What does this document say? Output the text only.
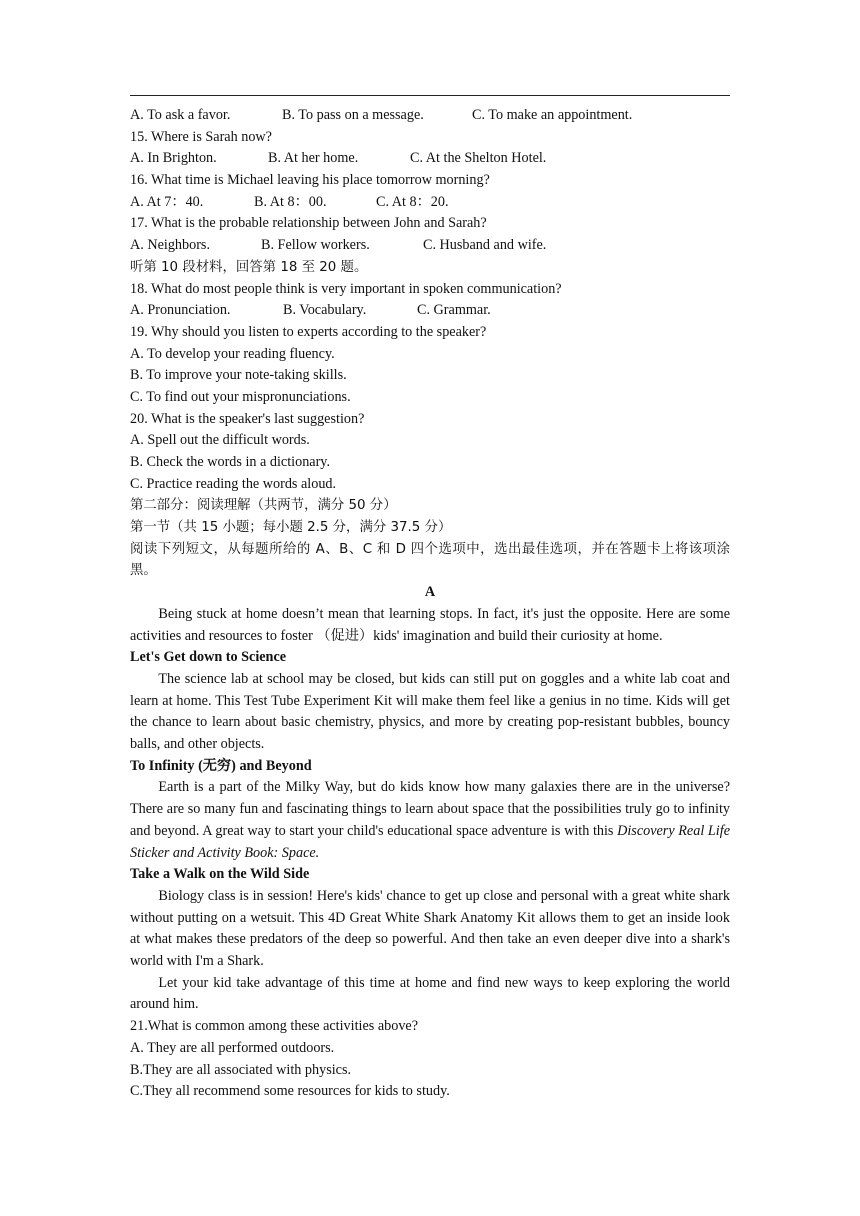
A. To ask a favor.	B. To pass on a message.	C. To make an appointment.
15. Where is Sarah now?
A. In Brighton.	B. At her home.	C. At the Shelton Hotel.
16. What time is Michael leaving his place tomorrow morning?
A. At 7：40.	B. At 8：00.	C. At 8：20.
17. What is the probable relationship between John and Sarah?
A. Neighbors.	B. Fellow workers.	C. Husband and wife.
听第 10 段材料，回答第 18 至 20 题。
18. What do most people think is very important in spoken communication?
A. Pronunciation.	B. Vocabulary.	C. Grammar.
19. Why should you listen to experts according to the speaker?
A. To develop your reading fluency.
B. To improve your note-taking skills.
C. To find out your mispronunciations.
20. What is the speaker's last suggestion?
A. Spell out the difficult words.
B. Check the words in a dictionary.
C. Practice reading the words aloud.
第二部分：阅读理解（共两节，满分 50 分）
第一节（共 15 小题；每小题 2.5 分，满分 37.5 分）
阅读下列短文，从每题所给的 A、B、C 和 D 四个选项中，选出最佳选项，并在答题卡上将该项涂黑。
A
Being stuck at home doesn’t mean that learning stops. In fact, it's just the opposite. Here are some activities and resources to foster （促进）kids' imagination and build their curiosity at home.
Let's Get down to Science
The science lab at school may be closed, but kids can still put on goggles and a white lab coat and learn at home. This Test Tube Experiment Kit will make them feel like a genius in no time. Kids will get the chance to learn about basic chemistry, physics, and more by creating pop-resistant bubbles, bouncy balls, and other objects.
To Infinity (无穷) and Beyond
Earth is a part of the Milky Way, but do kids know how many galaxies there are in the universe? There are so many fun and fascinating things to learn about space that the possibilities truly go to infinity and beyond. A great way to start your child's educational space adventure is with this Discovery Real Life Sticker and Activity Book: Space.
Take a Walk on the Wild Side
Biology class is in session! Here's kids' chance to get up close and personal with a great white shark without putting on a wetsuit. This 4D Great White Shark Anatomy Kit allows them to get an inside look at what makes these predators of the deep so powerful. And then take an even deeper dive into a shark's world with I'm a Shark.
Let your kid take advantage of this time at home and find new ways to keep exploring the world around him.
21.What is common among these activities above?
A. They are all performed outdoors.
B.They are all associated with physics.
C.They all recommend some resources for kids to study.
